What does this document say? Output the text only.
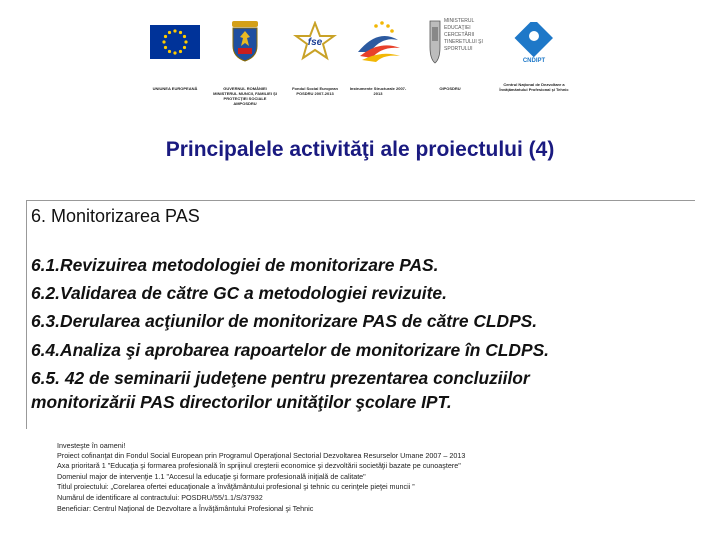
UNIUNEA EUROPEANĂ	GUVERNUL ROMÂNIEI MINISTERUL MUNCII, FAMILIEI ŞI PROTECŢIEI SOCIALE AMPOSDRU
fse
Fondul Social European POSDRU 2007-2013
Instrumente Structurale 2007-2013
MINISTERUL EDUCAŢIEI CERCETĂRII TINERETULUI ŞI SPORTULUI
OIPOSDRU
CNDIPT
Centrul Naţional de Dezvoltare a Învăţământului Profesional şi Tehnic
Principalele activităţi ale proiectului (4)
6. Monitorizarea PAS
6.1.Revizuirea metodologiei de monitorizare PAS.
6.2.Validarea de către GC a metodologiei revizuite.
6.3.Derularea acţiunilor de monitorizare PAS de către CLDPS.
6.4.Analiza şi aprobarea rapoartelor de monitorizare în CLDPS.
6.5. 42 de seminarii judeţene pentru prezentarea concluziilor
monitorizării PAS directorilor unităţilor şcolare IPT.
Investeşte în oameni!
Proiect cofinanţat din Fondul Social European prin Programul Operaţional Sectorial Dezvoltarea Resurselor Umane 2007 – 2013
Axa prioritară 1 "Educaţia şi formarea profesională în sprijinul creşterii economice şi dezvoltării societăţii bazate pe cunoaştere"
Domeniul major de intervenţie 1.1 "Accesul la educaţie şi formare profesională iniţială de calitate"
Titlul proiectului: „Corelarea ofertei educaţionale a învăţământului profesional şi tehnic cu cerinţele pieţei muncii ”
Numărul de identificare al contractului: POSDRU/55/1.1/S/37932
Beneficiar: Centrul Naţional de Dezvoltare a Învăţământului Profesional şi Tehnic
